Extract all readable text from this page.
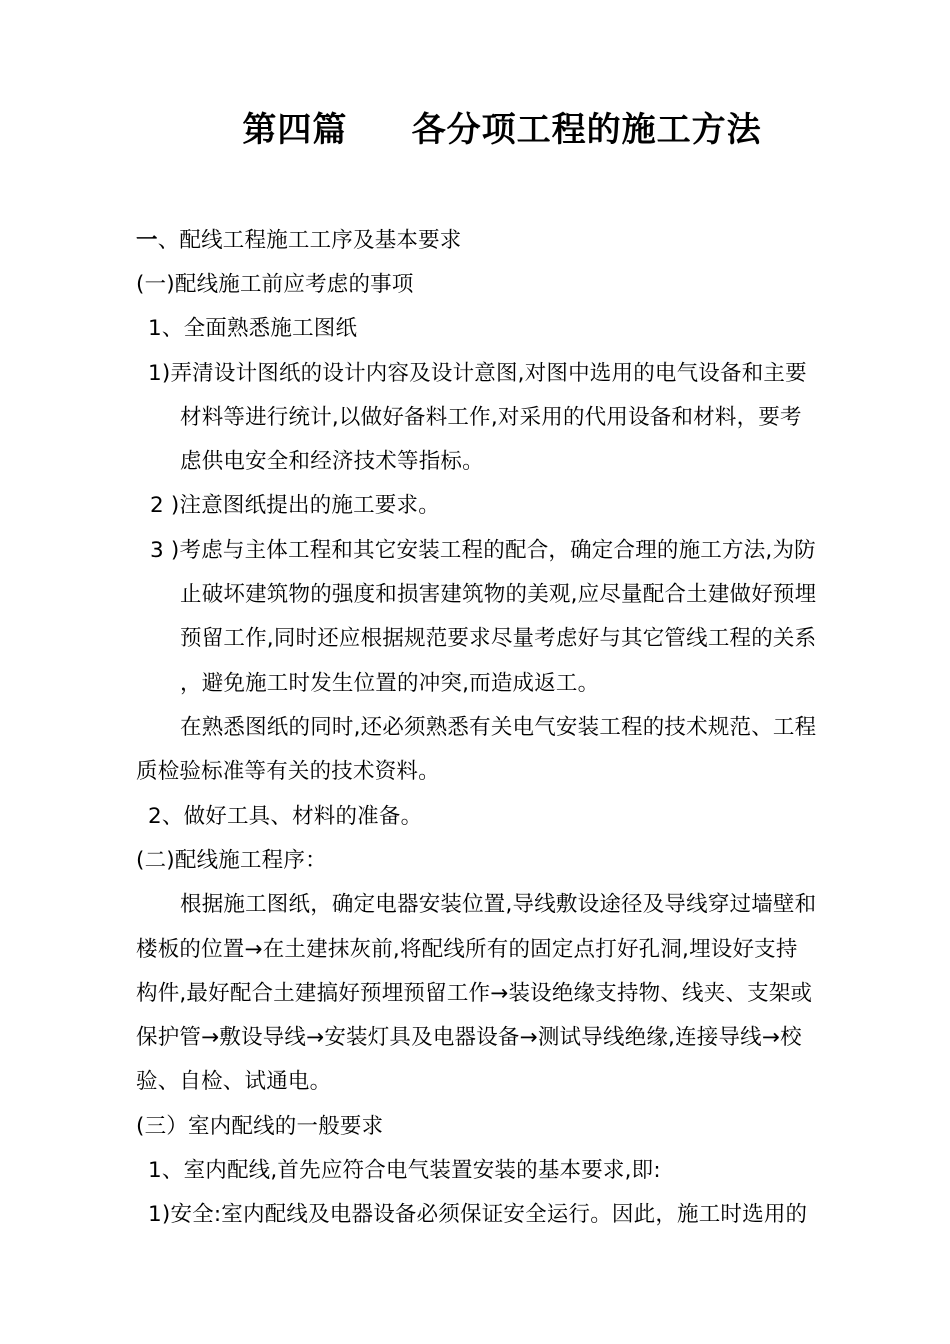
第四篇     各分项工程的施工方法
一、配线工程施工工序及基本要求
(一)配线施工前应考虑的事项
1、全面熟悉施工图纸
1)弄清设计图纸的设计内容及设计意图,对图中选用的电气设备和主要
材料等进行统计,以做好备料工作,对采用的代用设备和材料，要考
虑供电安全和经济技术等指标。
2 )注意图纸提出的施工要求。
3 )考虑与主体工程和其它安装工程的配合，确定合理的施工方法,为防
止破坏建筑物的强度和损害建筑物的美观,应尽量配合土建做好预埋
预留工作,同时还应根据规范要求尽量考虑好与其它管线工程的关系
，避免施工时发生位置的冲突,而造成返工。
在熟悉图纸的同时,还必须熟悉有关电气安装工程的技术规范、工程
质检验标准等有关的技术资料。
2、做好工具、材料的准备。
(二)配线施工程序：
根据施工图纸，确定电器安装位置,导线敷设途径及导线穿过墙壁和
楼板的位置→在土建抹灰前,将配线所有的固定点打好孔洞,埋设好支持
构件,最好配合土建搞好预埋预留工作→装设绝缘支持物、线夹、支架或
保护管→敷设导线→安装灯具及电器设备→测试导线绝缘,连接导线→校
验、自检、试通电。
(三）室内配线的一般要求
1、室内配线,首先应符合电气装置安装的基本要求,即:
1)安全:室内配线及电器设备必须保证安全运行。因此，施工时选用的
